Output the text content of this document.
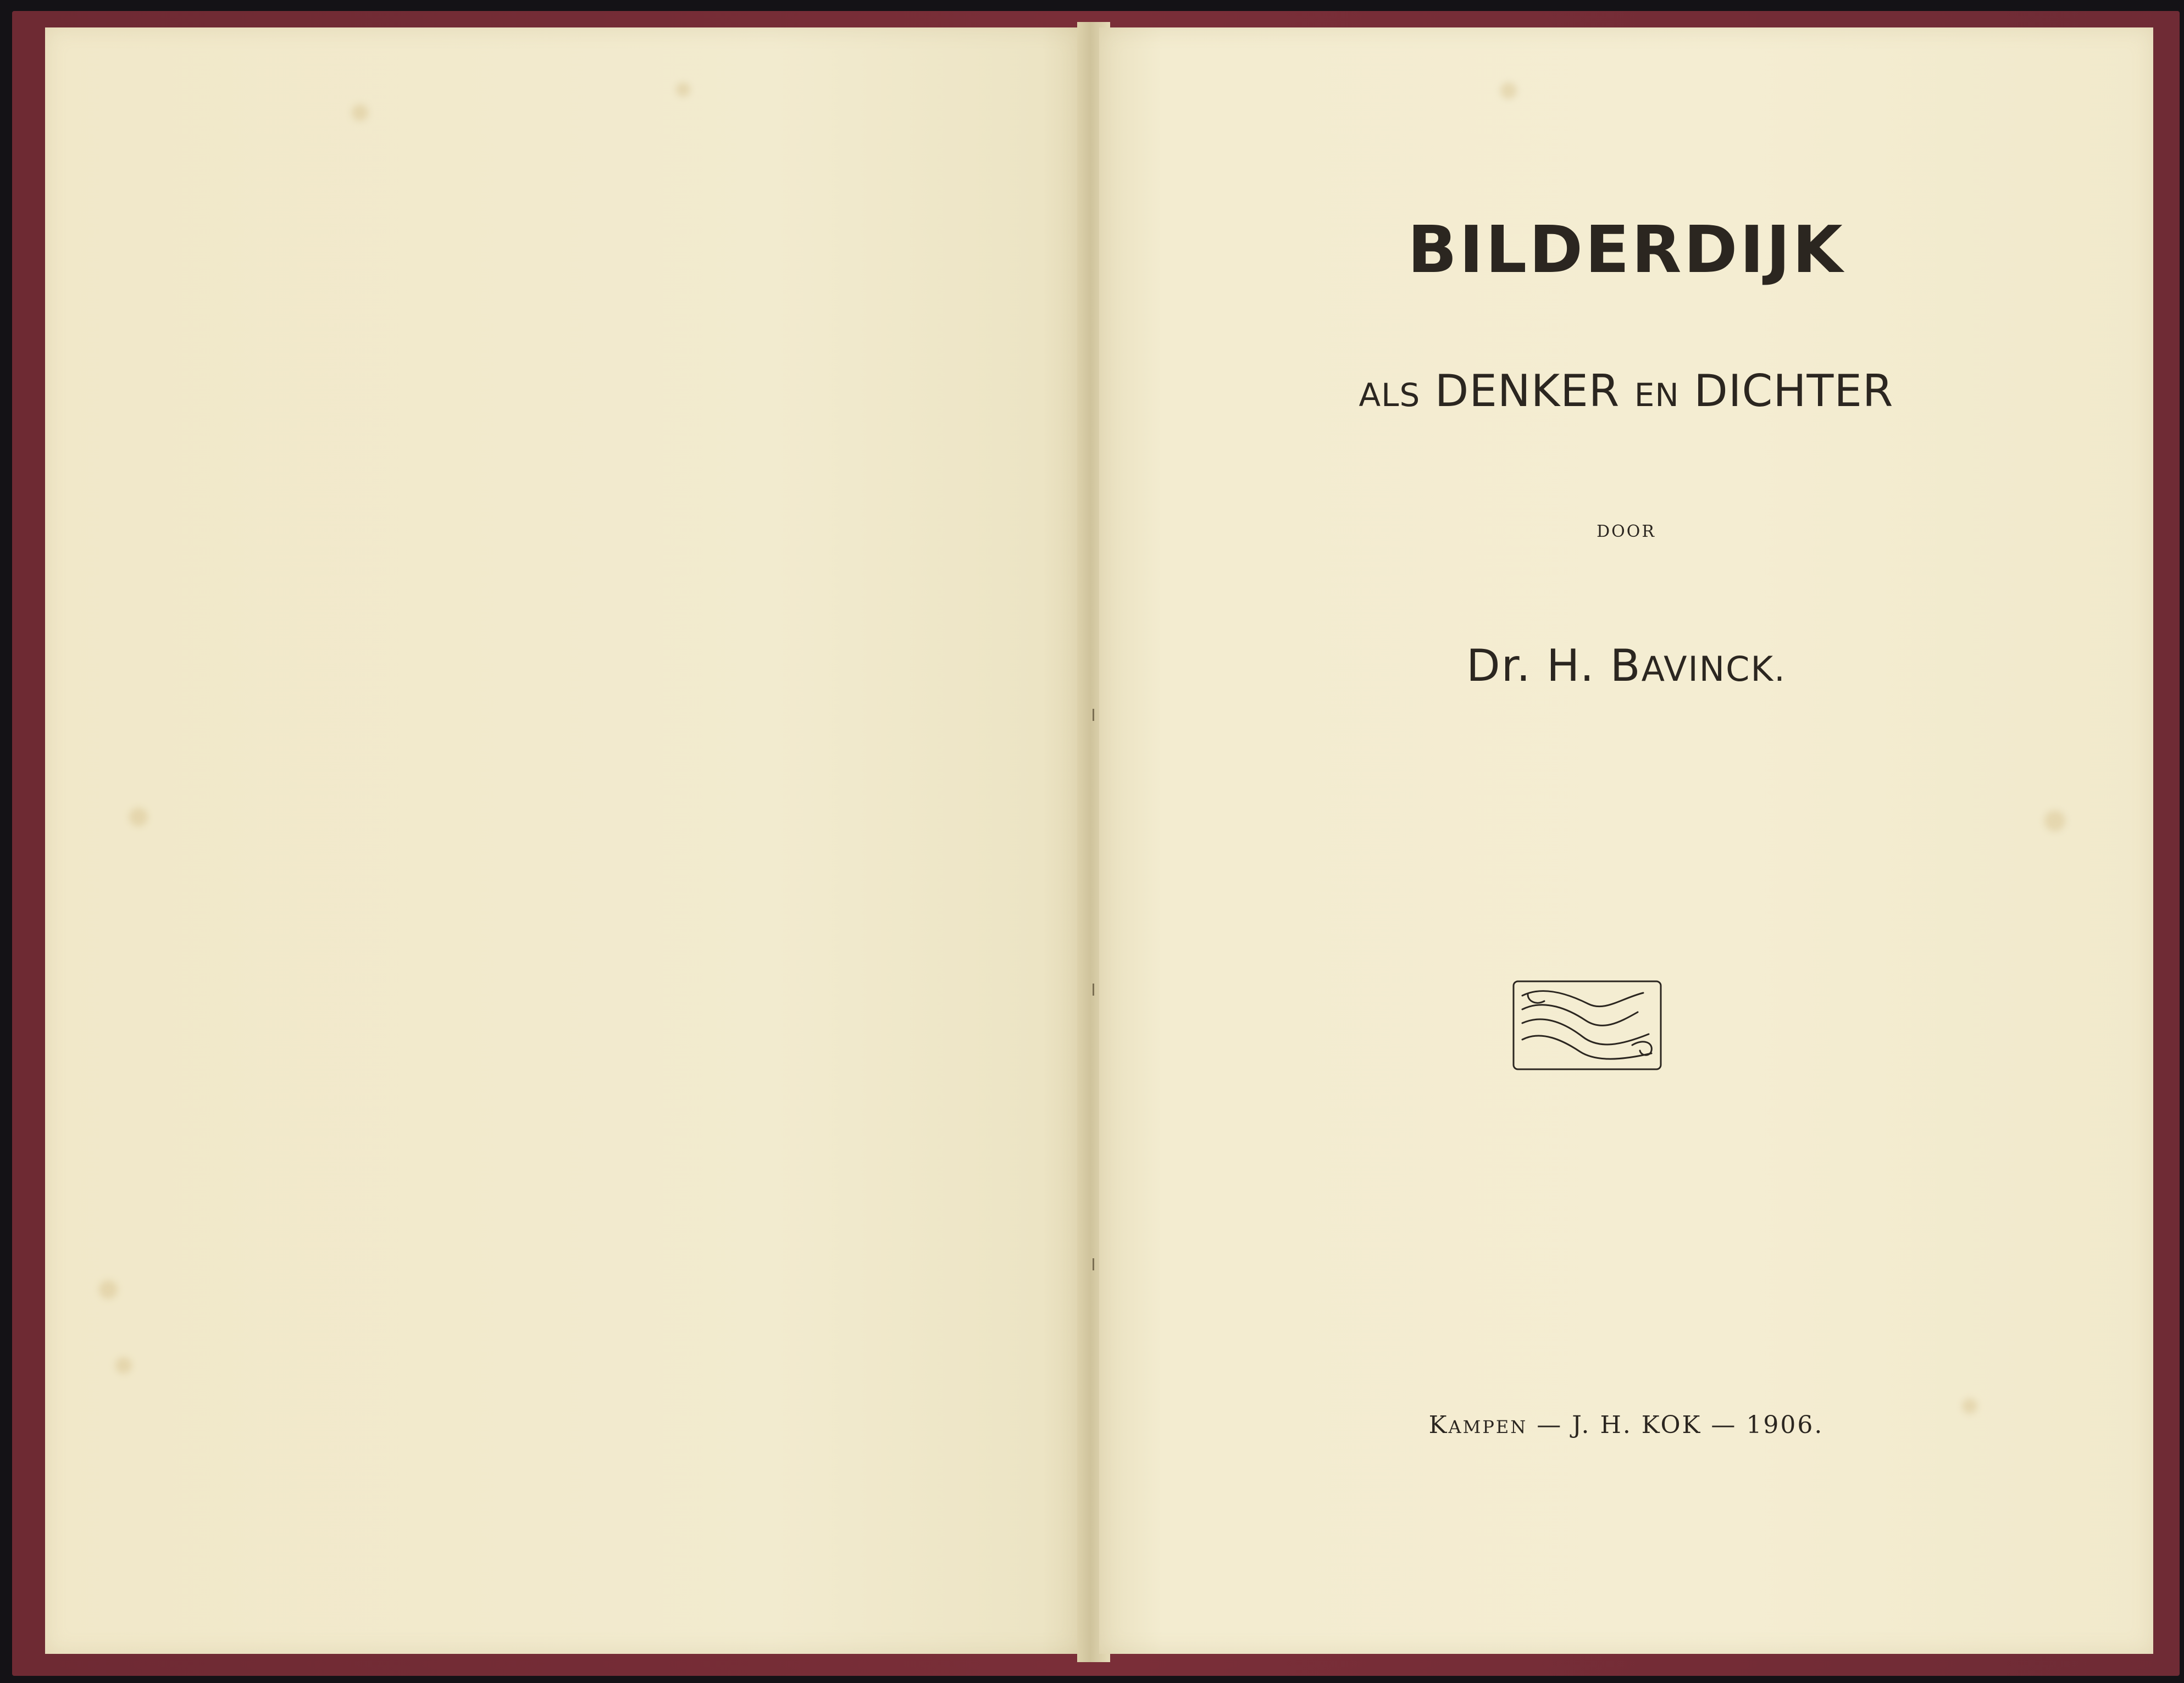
BILDERDIJK
ALS DENKER EN DICHTER
DOOR
Dr. H. BAVINCK.
KAMPEN — J. H. KOK — 1906.
